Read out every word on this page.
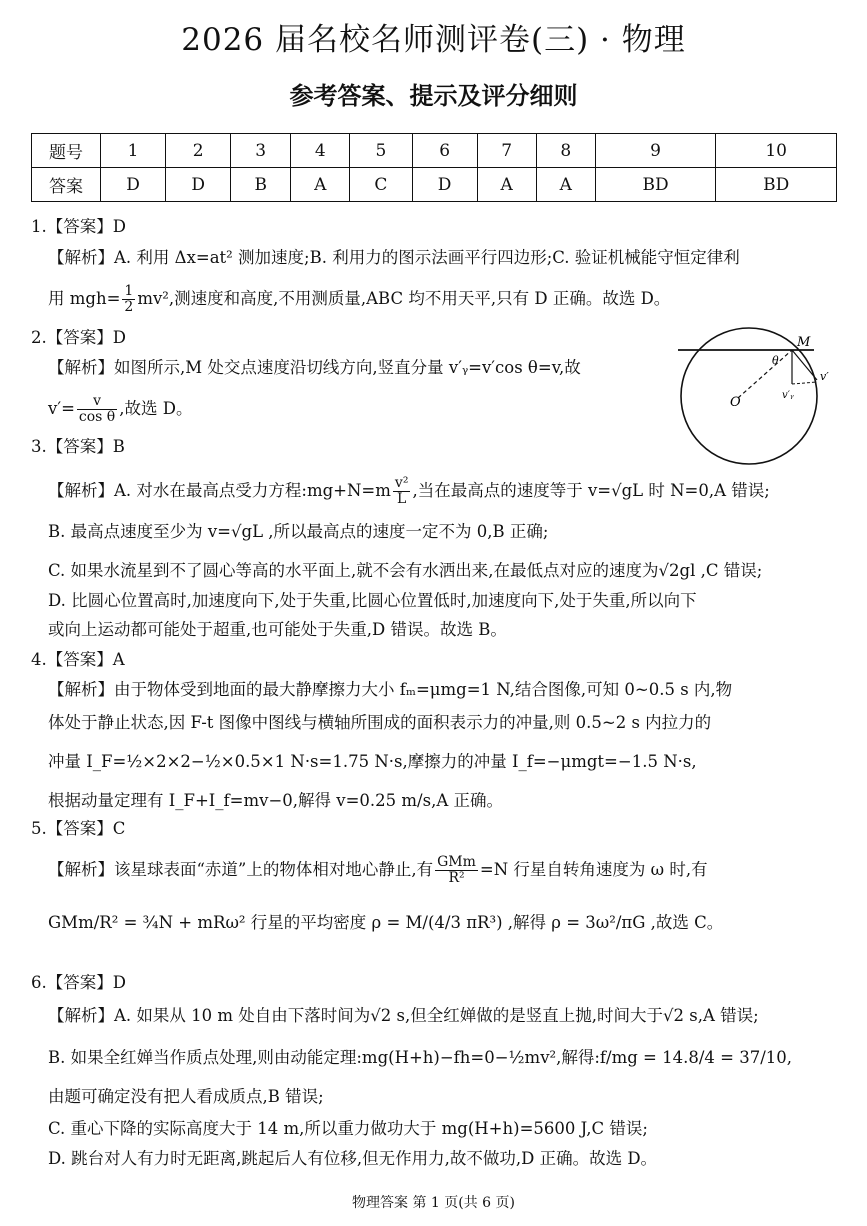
2026 届名校名师测评卷(三) · 物理
参考答案、提示及评分细则
题号	1	2	3	4	5	6	7	8	9	10
答案	D	D	B	A	C	D	A	A	BD	BD
1.【答案】D
【解析】A. 利用 Δx=at² 测加速度;B. 利用力的图示法画平行四边形;C. 验证机械能守恒定律利
用 $mgh= \frac{1}{2} mv^2$,测速度和高度,不用测质量,ABC 均不用天平,只有 D 正确。故选 D。
2.【答案】D
【解析】如图所示,M 处交点速度沿切线方向,竖直分量 v′ᵧ=v′cos θ=v,故
$v'= \frac{v}{\text{cos θ}}$ ,故选 D。
M
O
θ
v′
v′ᵧ
3.【答案】B
【解析】A. 对水在最高点受力方程:mg+N=m $\frac{\text{v²}}{L}$ ,当在最高点的速度等于 v=√gL 时 N=0,A 错误;
B. 最高点速度至少为 v=√gL ,所以最高点的速度一定不为 0,B 正确;
C. 如果水流星到不了圆心等高的水平面上,就不会有水洒出来,在最低点对应的速度为√2gl ,C 错误;
D. 比圆心位置高时,加速度向下,处于失重,比圆心位置低时,加速度向下,处于失重,所以向下
或向上运动都可能处于超重,也可能处于失重,D 错误。故选 B。
4.【答案】A
【解析】由于物体受到地面的最大静摩擦力大小 fₘ=μmg=1 N,结合图像,可知 0~0.5 s 内,物
体处于静止状态,因 F-t 图像中图线与横轴所围成的面积表示力的冲量,则 0.5~2 s 内拉力的
冲量 I_F=½×2×2−½×0.5×1 N·s=1.75 N·s,摩擦力的冲量 I_f=−μmgt=−1.5 N·s,
根据动量定理有 I_F+I_f=mv−0,解得 v=0.25 m/s,A 正确。
5.【答案】C
【解析】该星球表面“赤道”上的物体相对地心静止,有 $\frac{\text{GMm}}{\text{R²}} =N$ 行星自转角速度为 ω 时,有
GMm/R² = ¾N + mRω² 行星的平均密度 ρ = M/(4/3 πR³) ,解得 ρ = 3ω²/πG ,故选 C。
6.【答案】D
【解析】A. 如果从 10 m 处自由下落时间为√2 s,但全红婵做的是竖直上抛,时间大于√2 s,A 错误;
B. 如果全红婵当作质点处理,则由动能定理:mg(H+h)−fh=0−½mv²,解得:f/mg = 14.8/4 = 37/10,
由题可确定没有把人看成质点,B 错误;
C. 重心下降的实际高度大于 14 m,所以重力做功大于 mg(H+h)=5600 J,C 错误;
D. 跳台对人有力时无距离,跳起后人有位移,但无作用力,故不做功,D 正确。故选 D。
物理答案 第 1 页(共 6 页)
